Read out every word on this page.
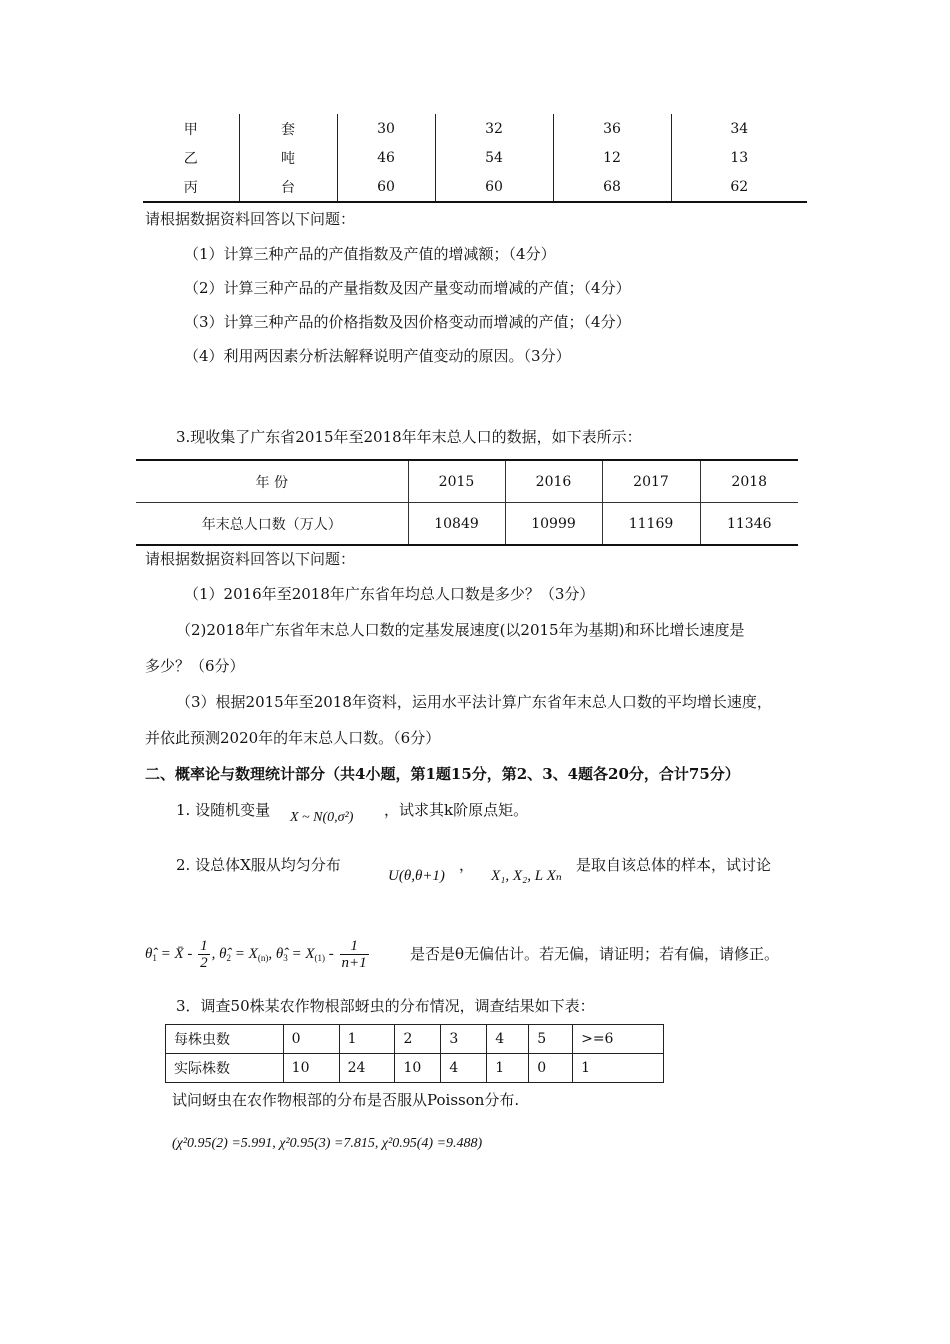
甲	套	30	32	36	34
乙	吨	46	54	12	13
丙	台	60	60	68	62
请根据数据资料回答以下问题：
（1）计算三种产品的产值指数及产值的增减额；（4分）
（2）计算三种产品的产量指数及因产量变动而增减的产值；（4分）
（3）计算三种产品的价格指数及因价格变动而增减的产值；（4分）
（4）利用两因素分析法解释说明产值变动的原因。（3分）
3.现收集了广东省2015年至2018年年末总人口的数据，如下表所示：
年 份	2015	2016	2017	2018
年末总人口数（万人）	10849	10999	11169	11346
请根据数据资料回答以下问题：
（1）2016年至2018年广东省年均总人口数是多少？（3分）
（2)2018年广东省年末总人口数的定基发展速度(以2015年为基期)和环比增长速度是
多少？（6分）
（3）根据2015年至2018年资料，运用水平法计算广东省年末总人口数的平均增长速度，
并依此预测2020年的年末总人口数。（6分）
二、概率论与数理统计部分（共4小题，第1题15分，第2、3、4题各20分，合计75分）
1. 设随机变量 X ~ N(0,σ²) ，试求其k阶原点矩。
2. 设总体X服从均匀分布
U(θ,θ+1)
，
X₁, X₂, L Xₙ
是取自该总体的样本，试讨论
$\thetâ_1$ = X̄ - $\frac{1}{2}$ , $\thetâ_2 = X_{(n)}$, $\thetâ_3 = X_{(1)} - \frac{1}{n+1}$	是否是θ无偏估计。若无偏，请证明；若有偏，请修正。
3．调查50株某农作物根部蚜虫的分布情况，调查结果如下表：
每株虫数	0	1	2	3	4	5	>=6
实际株数	10	24	10	4	1	0	1
试问蚜虫在农作物根部的分布是否服从Poisson分布.
(χ²0.95(2) =5.991, χ²0.95(3) =7.815, χ²0.95(4) =9.488)
